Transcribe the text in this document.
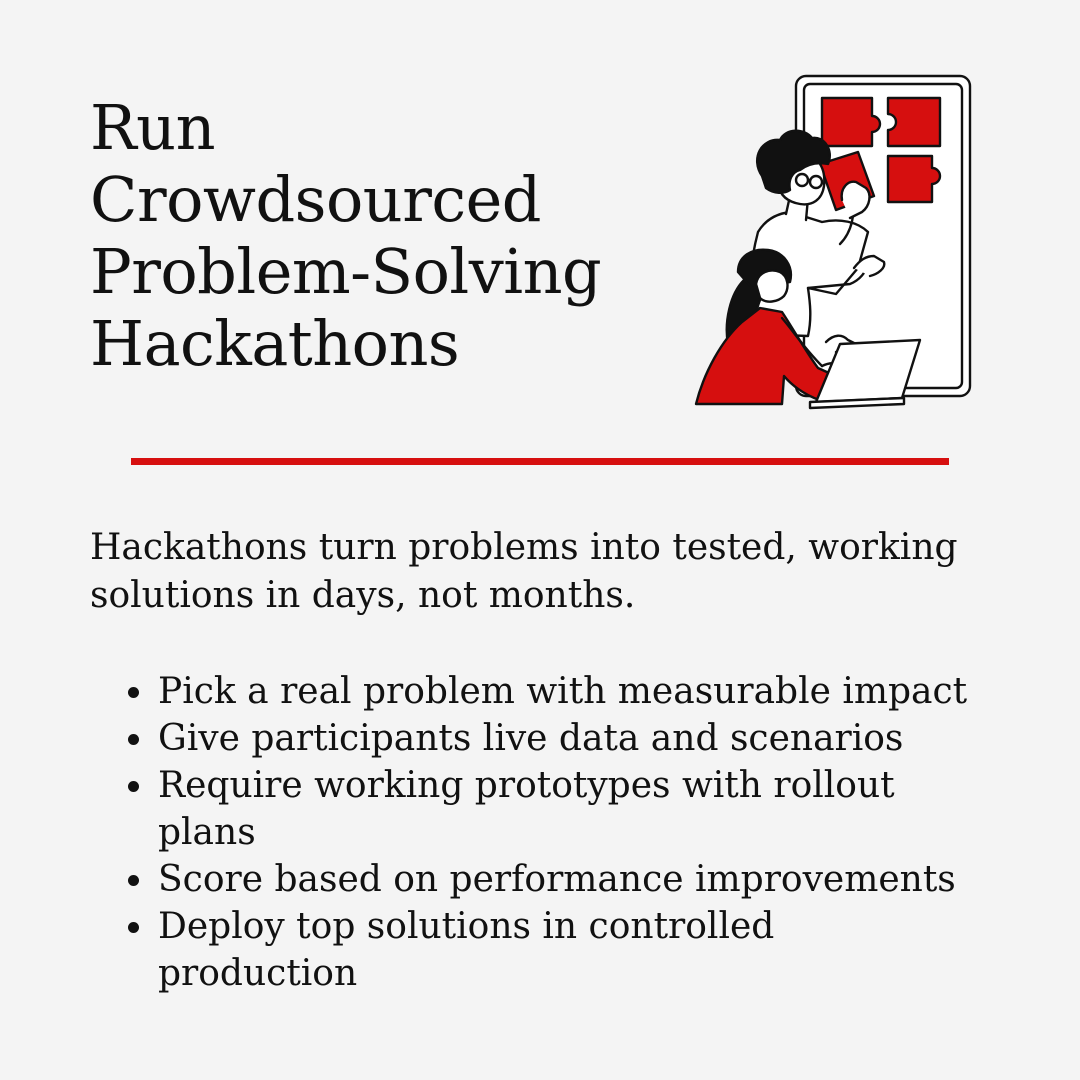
Run
Crowdsourced
Problem-Solving
Hackathons

Hackathons turn problems into tested, working
solutions in days, not months.

Pick a real problem with measurable impact
Give participants live data and scenarios
Require working prototypes with rollout
plans
Score based on performance improvements
Deploy top solutions in controlled
production
